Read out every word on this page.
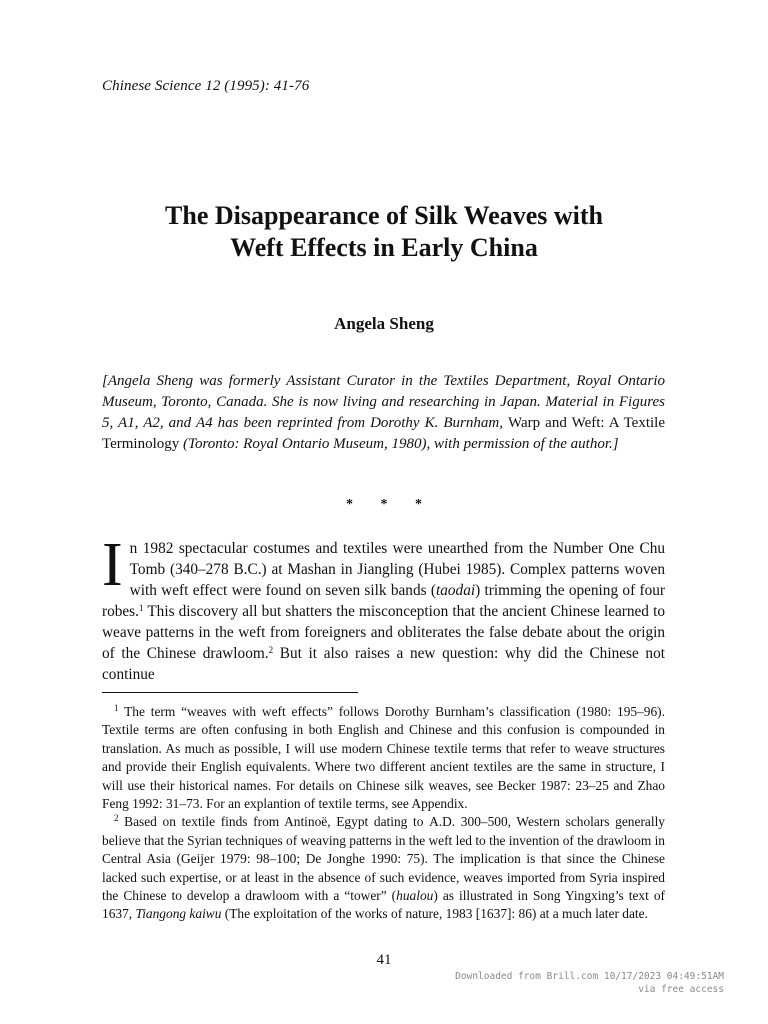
Chinese Science 12 (1995): 41-76
The Disappearance of Silk Weaves with
Weft Effects in Early China
Angela Sheng
[Angela Sheng was formerly Assistant Curator in the Textiles Department, Royal Ontario Museum, Toronto, Canada. She is now living and researching in Japan. Material in Figures 5, A1, A2, and A4 has been reprinted from Dorothy K. Burnham, Warp and Weft: A Textile Terminology (Toronto: Royal Ontario Museum, 1980), with permission of the author.]
* * *
In 1982 spectacular costumes and textiles were unearthed from the Number One Chu Tomb (340–278 B.C.) at Mashan in Jiangling (Hubei 1985). Complex patterns woven with weft effect were found on seven silk bands (taodai) trimming the opening of four robes.$^1$ This discovery all but shatters the misconception that the ancient Chinese learned to weave patterns in the weft from foreigners and obliterates the false debate about the origin of the Chinese drawloom.$^2$ But it also raises a new question: why did the Chinese not continue

$^1$ The term “weaves with weft effects” follows Dorothy Burnham’s classification (1980: 195–96). Textile terms are often confusing in both English and Chinese and this confusion is compounded in translation. As much as possible, I will use modern Chinese textile terms that refer to weave structures and provide their English equivalents. Where two different ancient textiles are the same in structure, I will use their historical names. For details on Chinese silk weaves, see Becker 1987: 23–25 and Zhao Feng 1992: 31–73. For an explantion of textile terms, see Appendix.

$^2$ Based on textile finds from Antinoë, Egypt dating to A.D. 300–500, Western scholars generally believe that the Syrian techniques of weaving patterns in the weft led to the invention of the drawloom in Central Asia (Geijer 1979: 98–100; De Jonghe 1990: 75). The implication is that since the Chinese lacked such expertise, or at least in the absence of such evidence, weaves imported from Syria inspired the Chinese to develop a drawloom with a “tower” (hualou) as illustrated in Song Yingxing’s text of 1637, Tiangong kaiwu (The exploitation of the works of nature, 1983 [1637]: 86) at a much later date.

41
Downloaded from Brill.com 10/17/2023 04:49:51AM
via free access
